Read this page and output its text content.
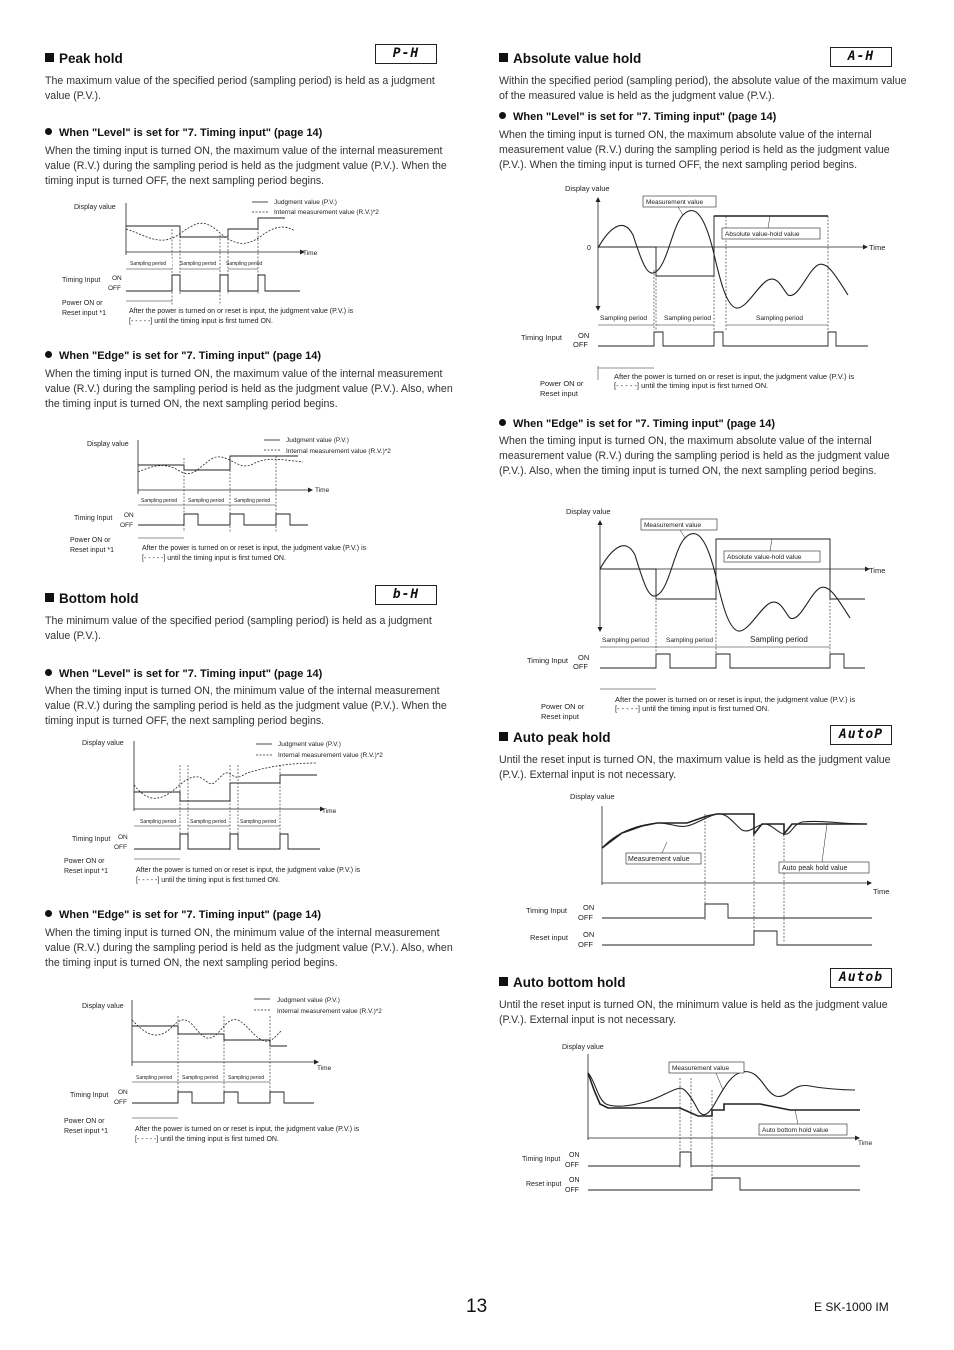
Peak hold	P-H

The maximum value of the specified period (sampling period) is held as a judgment value (P.V.).

When "Level" is set for "7. Timing input" (page 14)

When the timing input is turned ON, the maximum value of the internal measurement value (R.V.) during the sampling period is held as the judgment value (P.V.). When the timing input is turned OFF, the next sampling period begins.

Display value
Time
Judgment value (P.V.)
Internal measurement value (R.V.)*2
Sampling period	Sampling period Sampling period
Timing Input ON
OFF
Power ON or
Reset input *1	After the power is turned on or reset is input, the judgment value (P.V.) is
[- - - - -] until the timing input is first turned ON.
When "Edge" is set for "7. Timing input" (page 14)

When the timing input is turned ON, the maximum value of the internal measurement value (R.V.) during the sampling period is held as the judgment value (P.V.). Also, when the timing input is turned ON, the next sampling period begins.

Display value
Time
Judgment value (P.V.)
Internal measurement value (R.V.)*2
Sampling period Sampling period Sampling period
Timing Input ON
OFF
Power ON or
Reset input *1	After the power is turned on or reset is input, the judgment value (P.V.) is
[- - - - -] until the timing input is first turned ON.
Bottom hold	b-H

The minimum value of the specified period (sampling period) is held as a judgment value (P.V.).

When "Level" is set for "7. Timing input" (page 14)

When the timing input is turned ON, the minimum value of the internal measurement value (R.V.) during the sampling period is held as the judgment value (P.V.). When the timing input is turned OFF, the next sampling period begins.

Display value
Time
Judgment value (P.V.)
Internal measurement value (R.V.)*2
Sampling period	Sampling period	Sampling period
Timing Input ON
OFF
Power ON or
Reset input *1	After the power is turned on or reset is input, the judgment value (P.V.) is
[- - - - -] until the timing input is first turned ON.
When "Edge" is set for "7. Timing input" (page 14)

When the timing input is turned ON, the minimum value of the internal measurement value (R.V.) during the sampling period is held as the judgment value (P.V.). Also, when the timing input is turned ON, the next sampling period begins.

Display value
Time
Judgment value (P.V.)
Internal measurement value (R.V.)*2
Sampling period Sampling period Sampling period
Timing Input ON
OFF
Power ON or
Reset input *1	After the power is turned on or reset is input, the judgment value (P.V.) is
[- - - - -] until the timing input is first turned ON.
Absolute value hold	A-H

Within the specified period (sampling period), the absolute value of the maximum value of the measured value is held as the judgment value (P.V.).

When "Level" is set for "7. Timing input" (page 14)

When the timing input is turned ON, the maximum absolute value of the internal measurement value (R.V.) during the sampling period is held as the judgment value (P.V.). When the timing input is turned OFF, the next sampling period begins.

Display value
0	Time
Measurement value
Absolute value-hold value
Sampling period	Sampling period	Sampling period
Timing Input ON
OFF
Power ON or
Reset input
After the power is turned on or reset is input, the judgment value (P.V.) is
[- - - - -] until the timing input is first turned ON.
When "Edge" is set for "7. Timing input" (page 14)

When the timing input is turned ON, the maximum absolute value of the internal measurement value (R.V.) during the sampling period is held as the judgment value (P.V.). Also, when the timing input is turned ON, the next sampling period begins.

Display value
Time
Measurement value
Absolute value-hold value
Sampling period	Sampling period	Sampling period
Timing Input ON
OFF
Power ON or
Reset input
After the power is turned on or reset is input, the judgment value (P.V.) is
[- - - - -] until the timing input is first turned ON.
Auto peak hold	AutoP

Until the reset input is turned ON, the maximum value is held as the judgment value (P.V.). External input is not necessary.

Display value
Measurement value
Auto peak hold value
Time
Timing Input ON
OFF
Reset input ON
OFF
Auto bottom hold	Autob

Until the reset input is turned ON, the minimum value is held as the judgment value (P.V.). External input is not necessary.

Display value
Time
Measurement value
Auto bottom hold value
Timing Input
ON
OFF
Reset input
ON
OFF
13	E SK-1000 IM
